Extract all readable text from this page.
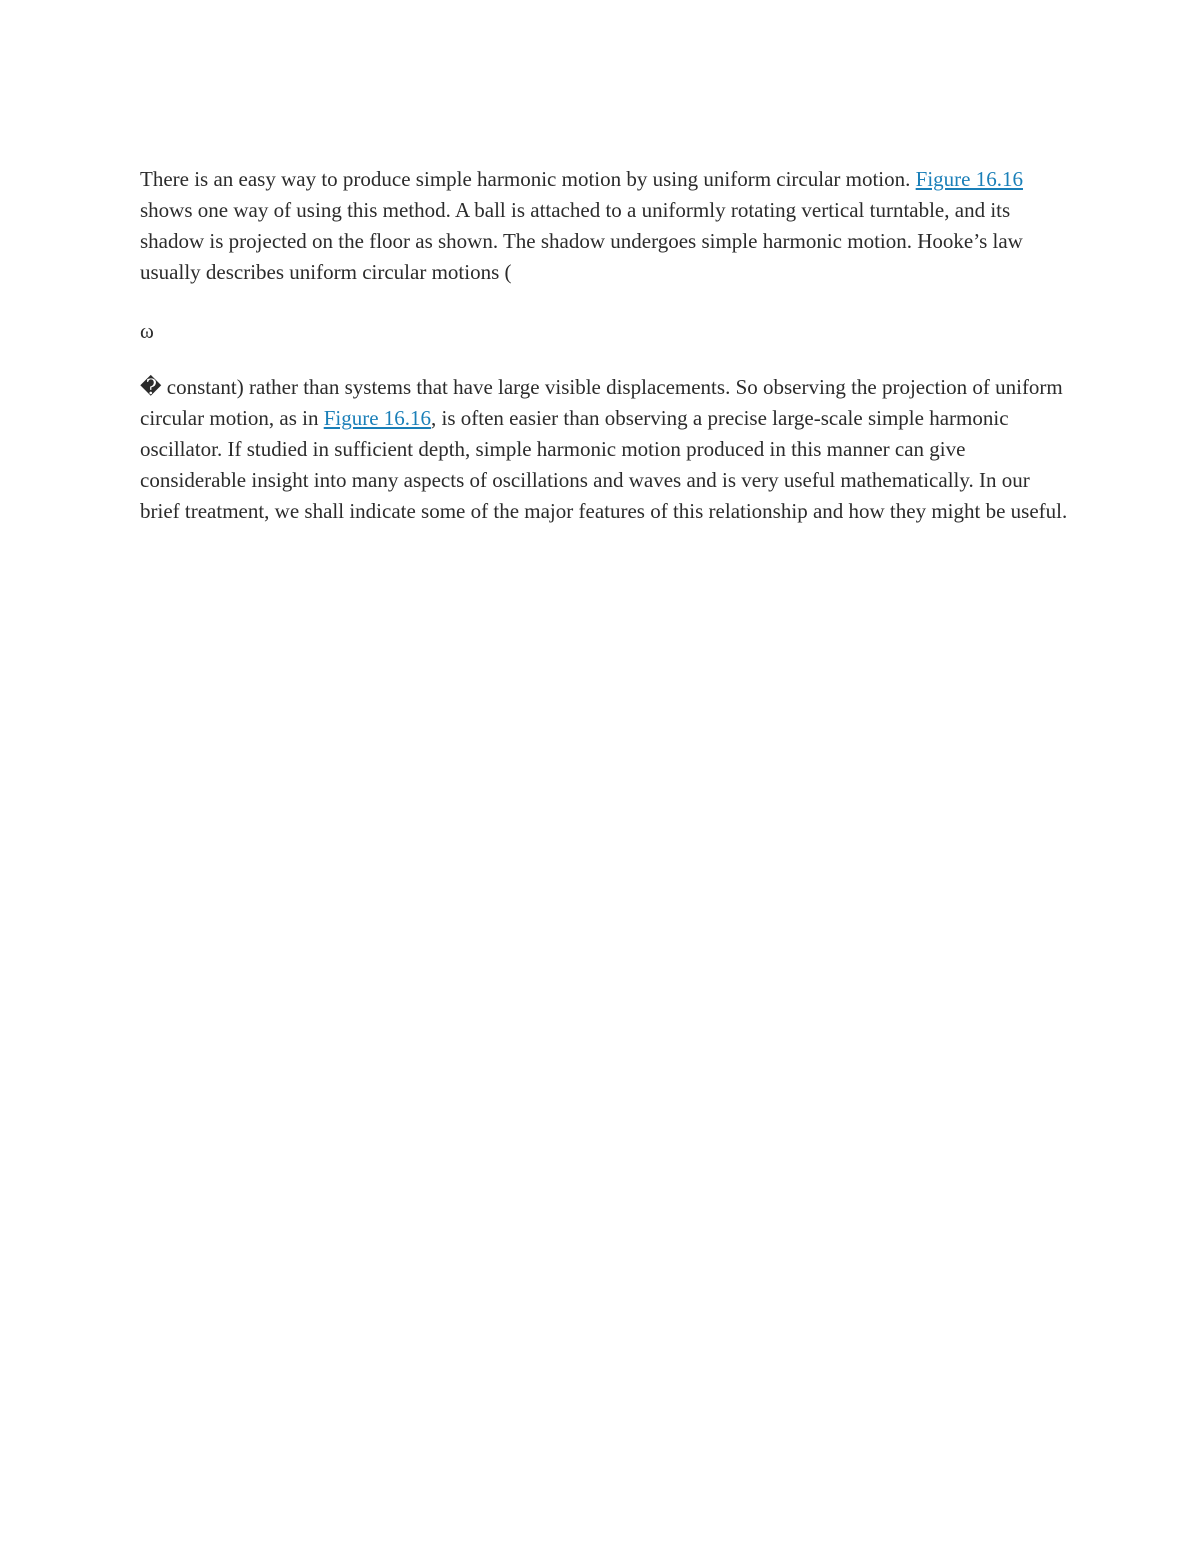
There is an easy way to produce simple harmonic motion by using uniform circular motion. Figure 16.16 shows one way of using this method. A ball is attached to a uniformly rotating vertical turntable, and its shadow is projected on the floor as shown. The shadow undergoes simple harmonic motion. Hooke’s law usually describes uniform circular motions (

ω

� constant) rather than systems that have large visible displacements. So observing the projection of uniform circular motion, as in Figure 16.16, is often easier than observing a precise large-scale simple harmonic oscillator. If studied in sufficient depth, simple harmonic motion produced in this manner can give considerable insight into many aspects of oscillations and waves and is very useful mathematically. In our brief treatment, we shall indicate some of the major features of this relationship and how they might be useful.
